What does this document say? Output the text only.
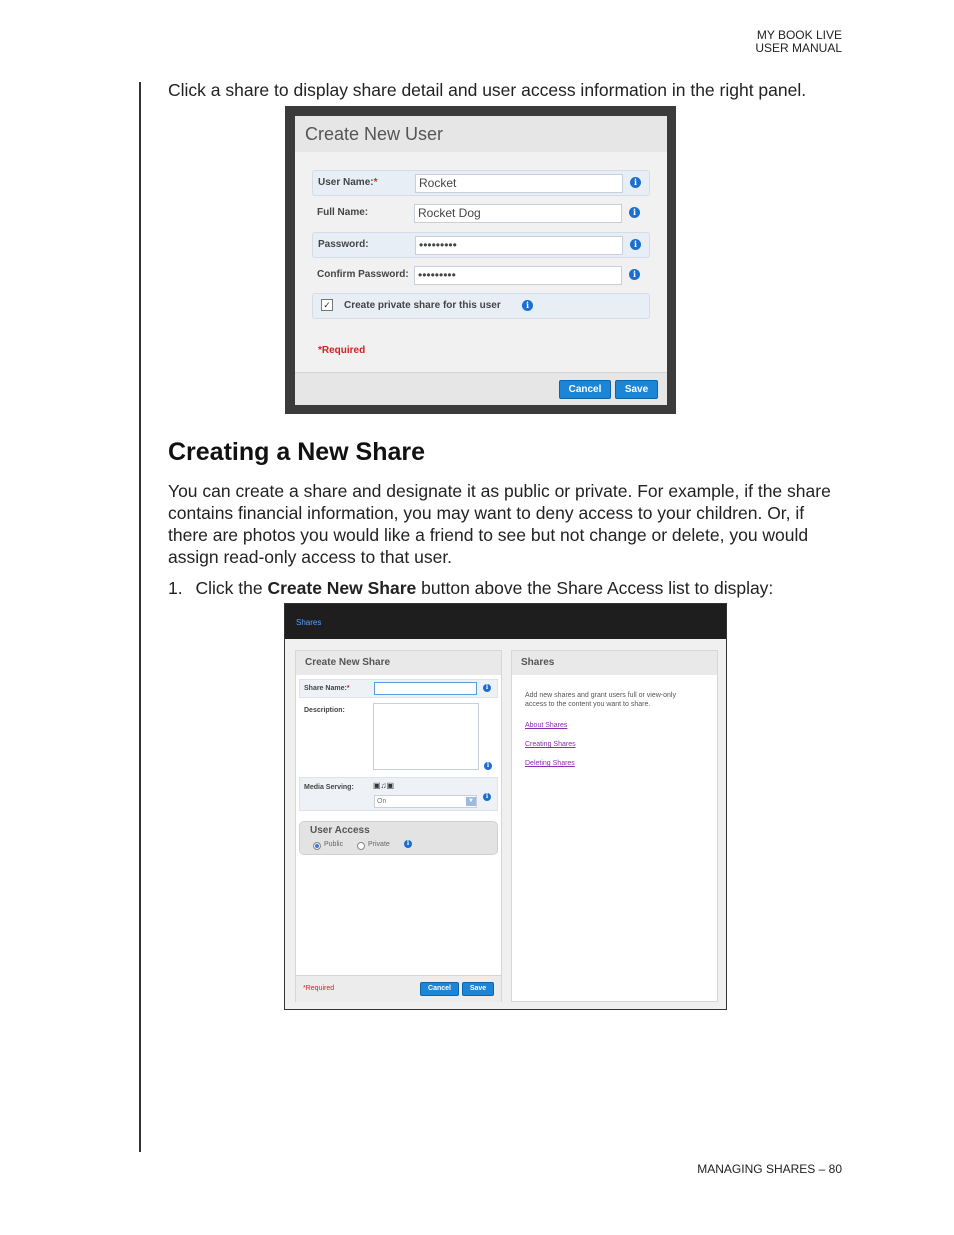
MY BOOK LIVE
USER MANUAL
Click a share to display share detail and user access information in the right panel.
Create New User
User Name:*	Rocket	i
Full Name:	Rocket Dog	i
Password:	•••••••••	i
Confirm Password: •••••••••	i
✓ Create private share for this user	i
*Required
Cancel	Save
Creating a New Share
You can create a share and designate it as public or private. For example, if the share contains financial information, you may want to deny access to your children. Or, if there are photos you would like a friend to see but not change or delete, you would assign read-only access to that user.
1. Click the Create New Share button above the Share Access list to display:
Shares
Create New Share
Share Name:*	i
Description:
i
Media Serving: ▣♫▣
On	▼
i
User Access
Public	Private	i
*Required	Cancel	Save
Shares
Add new shares and grant users full or view-only
access to the content you want to share.
About Shares
Creating Shares
Deleting Shares
MANAGING SHARES – 80
